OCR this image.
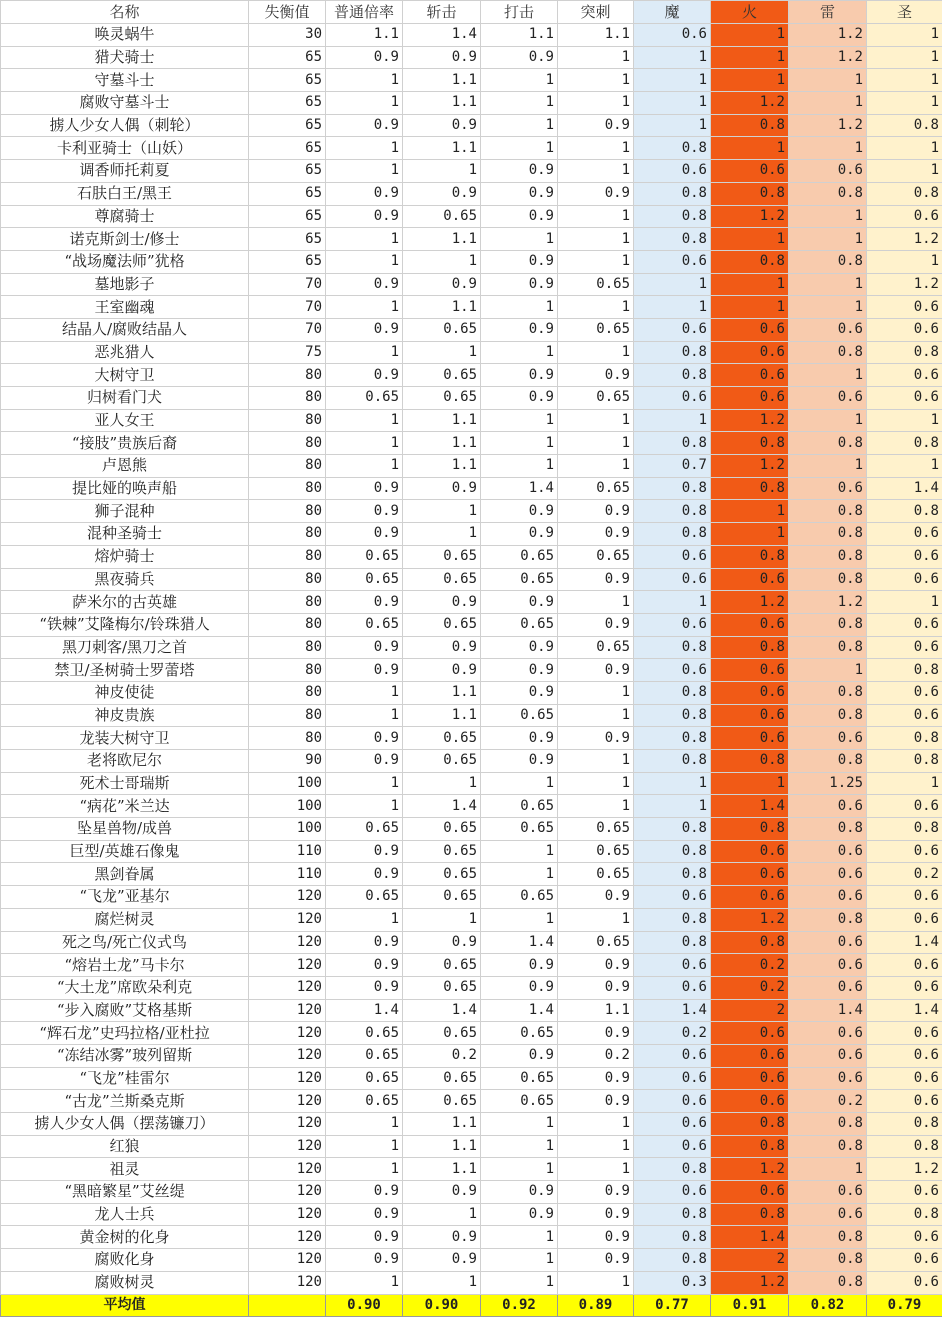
名称	失衡值	普通倍率	斩击	打击	突刺	魔	火	雷	圣
唤灵蜗牛	30	1.1	1.4	1.1	1.1	0.6	1	1.2	1
猎犬骑士	65	0.9	0.9	0.9	1	1	1	1.2	1
守墓斗士	65	1	1.1	1	1	1	1	1	1
腐败守墓斗士	65	1	1.1	1	1	1	1.2	1	1
掳人少女人偶（刺轮）	65	0.9	0.9	1	0.9	1	0.8	1.2	0.8
卡利亚骑士（山妖）	65	1	1.1	1	1	0.8	1	1	1
调香师托莉夏	65	1	1	0.9	1	0.6	0.6	0.6	1
石肤白王/黑王	65	0.9	0.9	0.9	0.9	0.8	0.8	0.8	0.8
尊腐骑士	65	0.9	0.65	0.9	1	0.8	1.2	1	0.6
诺克斯剑士/修士	65	1	1.1	1	1	0.8	1	1	1.2
“战场魔法师”犹格	65	1	1	0.9	1	0.6	0.8	0.8	1
墓地影子	70	0.9	0.9	0.9	0.65	1	1	1	1.2
王室幽魂	70	1	1.1	1	1	1	1	1	0.6
结晶人/腐败结晶人	70	0.9	0.65	0.9	0.65	0.6	0.6	0.6	0.6
恶兆猎人	75	1	1	1	1	0.8	0.6	0.8	0.8
大树守卫	80	0.9	0.65	0.9	0.9	0.8	0.6	1	0.6
归树看门犬	80	0.65	0.65	0.9	0.65	0.6	0.6	0.6	0.6
亚人女王	80	1	1.1	1	1	1	1.2	1	1
“接肢”贵族后裔	80	1	1.1	1	1	0.8	0.8	0.8	0.8
卢恩熊	80	1	1.1	1	1	0.7	1.2	1	1
提比娅的唤声船	80	0.9	0.9	1.4	0.65	0.8	0.8	0.6	1.4
狮子混种	80	0.9	1	0.9	0.9	0.8	1	0.8	0.8
混种圣骑士	80	0.9	1	0.9	0.9	0.8	1	0.8	0.6
熔炉骑士	80	0.65	0.65	0.65	0.65	0.6	0.8	0.8	0.6
黑夜骑兵	80	0.65	0.65	0.65	0.9	0.6	0.6	0.8	0.6
萨米尔的古英雄	80	0.9	0.9	0.9	1	1	1.2	1.2	1
“铁棘”艾隆梅尔/铃珠猎人	80	0.65	0.65	0.65	0.9	0.6	0.6	0.8	0.6
黑刀刺客/黑刀之首	80	0.9	0.9	0.9	0.65	0.8	0.8	0.8	0.6
禁卫/圣树骑士罗蕾塔	80	0.9	0.9	0.9	0.9	0.6	0.6	1	0.8
神皮使徒	80	1	1.1	0.9	1	0.8	0.6	0.8	0.6
神皮贵族	80	1	1.1	0.65	1	0.8	0.6	0.8	0.6
龙装大树守卫	80	0.9	0.65	0.9	0.9	0.8	0.6	0.6	0.8
老将欧尼尔	90	0.9	0.65	0.9	1	0.8	0.8	0.8	0.8
死术士哥瑞斯	100	1	1	1	1	1	1	1.25	1
“病花”米兰达	100	1	1.4	0.65	1	1	1.4	0.6	0.6
坠星兽物/成兽	100	0.65	0.65	0.65	0.65	0.8	0.8	0.8	0.8
巨型/英雄石像鬼	110	0.9	0.65	1	0.65	0.8	0.6	0.6	0.6
黑剑眷属	110	0.9	0.65	1	0.65	0.8	0.6	0.6	0.2
“飞龙”亚基尔	120	0.65	0.65	0.65	0.9	0.6	0.6	0.6	0.6
腐烂树灵	120	1	1	1	1	0.8	1.2	0.8	0.6
死之鸟/死亡仪式鸟	120	0.9	0.9	1.4	0.65	0.8	0.8	0.6	1.4
“熔岩土龙”马卡尔	120	0.9	0.65	0.9	0.9	0.6	0.2	0.6	0.6
“大土龙”席欧朵利克	120	0.9	0.65	0.9	0.9	0.6	0.2	0.6	0.6
“步入腐败”艾格基斯	120	1.4	1.4	1.4	1.1	1.4	2	1.4	1.4
“辉石龙”史玛拉格/亚杜拉	120	0.65	0.65	0.65	0.9	0.2	0.6	0.6	0.6
“冻结冰雾”玻列留斯	120	0.65	0.2	0.9	0.2	0.6	0.6	0.6	0.6
“飞龙”桂雷尔	120	0.65	0.65	0.65	0.9	0.6	0.6	0.6	0.6
“古龙”兰斯桑克斯	120	0.65	0.65	0.65	0.9	0.6	0.6	0.2	0.6
掳人少女人偶（摆荡镰刀）	120	1	1.1	1	1	0.6	0.8	0.8	0.8
红狼	120	1	1.1	1	1	0.6	0.8	0.8	0.8
祖灵	120	1	1.1	1	1	0.8	1.2	1	1.2
“黑暗繁星”艾丝缇	120	0.9	0.9	0.9	0.9	0.6	0.6	0.6	0.6
龙人士兵	120	0.9	1	0.9	0.9	0.8	0.8	0.6	0.8
黄金树的化身	120	0.9	0.9	1	0.9	0.8	1.4	0.8	0.6
腐败化身	120	0.9	0.9	1	0.9	0.8	2	0.8	0.6
腐败树灵	120	1	1	1	1	0.3	1.2	0.8	0.6
平均值		0.90	0.90	0.92	0.89	0.77	0.91	0.82	0.79
